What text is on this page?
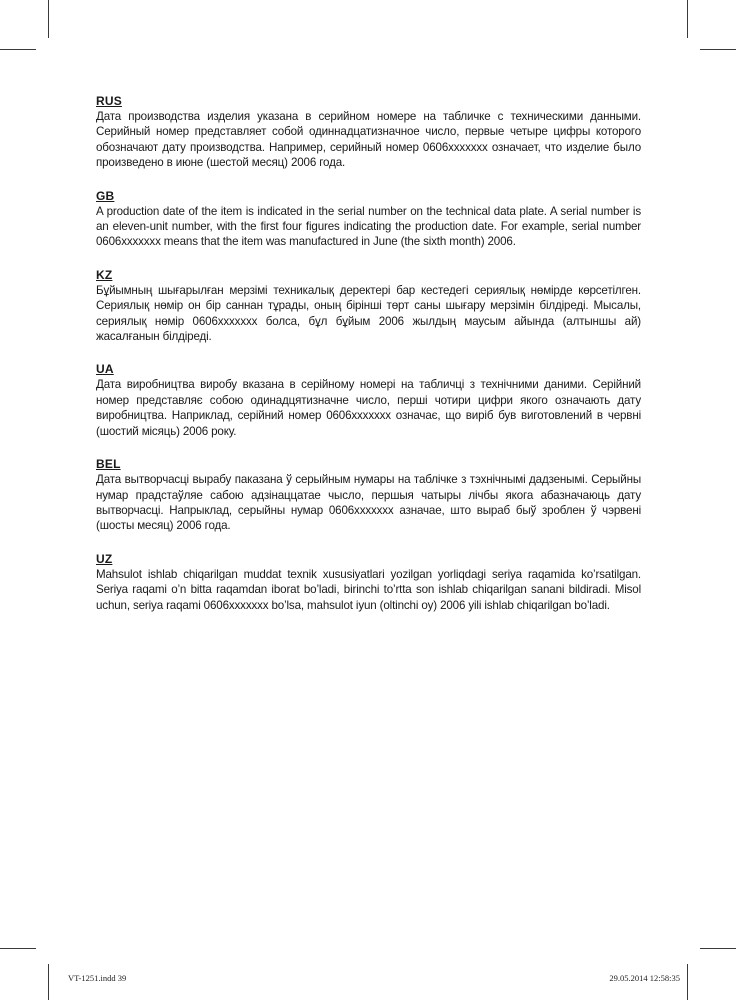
RUS

Дата производства изделия указана в серийном номере на табличке с техническими данными. Серийный номер представляет собой одиннадцатизначное число, первые четыре цифры которого обозначают дату производства. Например, серийный номер 0606ххххххх означает, что изделие было произведено в июне (шестой месяц) 2006 года.

GB

A production date of the item is indicated in the serial number on the technical data plate. A serial number is an eleven-unit number, with the first four figures indicating the production date. For example, serial number 0606xxxxxxx means that the item was manufactured in June (the sixth month) 2006.

KZ

Бұйымның шығарылған мерзімі техникалық деректері бар кестедегі сериялық нөмірде көрсетілген. Сериялық нөмір он бір саннан тұрады, оның бірінші төрт саны шығару мерзімін білдіреді. Мысалы, сериялық нөмір 0606ххххххх болса, бұл бұйым 2006 жылдың маусым айында (алтыншы ай) жасалғанын білдіреді.

UA

Дата виробництва виробу вказана в серійному номері на табличці з технічними даними. Серійний номер представляє собою одинадцятизначне число, перші чотири цифри якого означають дату виробництва. Наприклад, серійний номер 0606ххххххх означає, що виріб був виготовлений в червні (шостий місяць) 2006 року.

BEL

Дата вытворчасці вырабу паказана ў серыйным нумары на таблічке з тэхнічнымі дадзенымі. Серыйны нумар прадстаўляе сабою адзінаццатае чысло, першыя чатыры лічбы якога абазначаюць дату вытворчасці. Напрыклад, серыйны нумар 0606ххххххх азначае, што выраб быў зроблен ў чэрвені (шосты месяц) 2006 года.

UZ

Mahsulot ishlab chiqarilgan muddat texnik xususiyatlari yozilgan yorliqdagi seriya raqamida ko’rsatilgan. Seriya raqami o’n bitta raqamdan iborat bo’ladi, birinchi to’rtta son ishlab chiqarilgan sanani bildiradi. Misol uchun, seriya raqami 0606xxxxxxx bo’lsa, mahsulot iyun (oltinchi oy) 2006 yili ishlab chiqarilgan bo’ladi.

VT-1251.indd 39	29.05.2014 12:58:35
